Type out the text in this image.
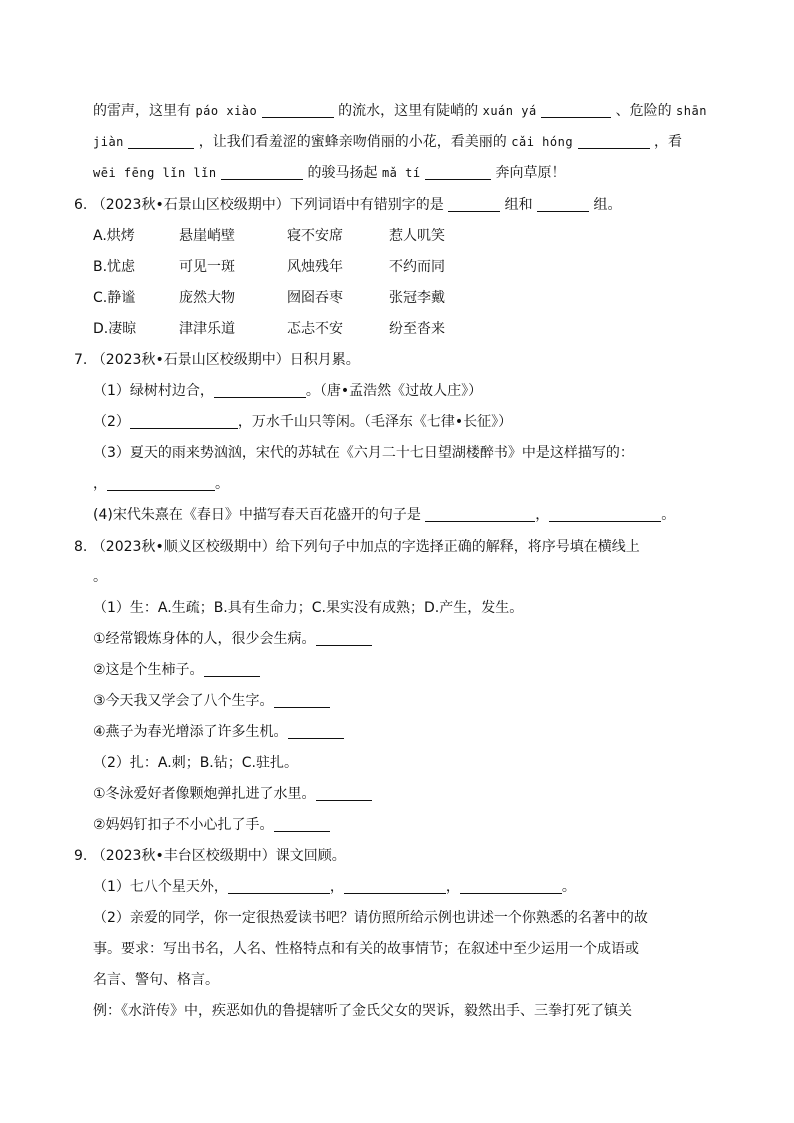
的雷声，这里有 páo xiào	的流水，这里有陡峭的 xuán yá	、危险的 shān
jiàn	，让我们看羞涩的蜜蜂亲吻俏丽的小花，看美丽的 cǎi hóng	，看
wēi fēng lǐn lǐn	的骏马扬起 mǎ tí	奔向草原！
6. （2023秋•石景山区校级期中）下列词语中有错别字的是	组和	组。
A.烘烤	悬崖峭壁	寝不安席	惹人叽笑
B.忧虑	可见一斑	风烛残年	不约而同
C.静谧	庞然大物	囫囵吞枣	张冠李戴
D.凄晾	津津乐道	忑忐不安	纷至沓来
7. （2023秋•石景山区校级期中）日积月累。
（1）绿树村边合，	。（唐•孟浩然《过故人庄》）
（2）	，万水千山只等闲。（毛泽东《七律•长征》）
（3）夏天的雨来势汹汹，宋代的苏轼在《六月二十七日望湖楼醉书》中是这样描写的：
，	。
(4)宋代朱熹在《春日》中描写春天百花盛开的句子是	，	。
8. （2023秋•顺义区校级期中）给下列句子中加点的字选择正确的解释，将序号填在横线上
。
（1）生：A.生疏；B.具有生命力；C.果实没有成熟；D.产生，发生。
①经常锻炼身体的人，很少会生病。
②这是个生柿子。
③今天我又学会了八个生字。
④燕子为春光增添了许多生机。
（2）扎：A.刺；B.钻；C.驻扎。
①冬泳爱好者像颗炮弹扎进了水里。
②妈妈钉扣子不小心扎了手。
9. （2023秋•丰台区校级期中）课文回顾。
（1）七八个星天外，	，	，	。
（2）亲爱的同学，你一定很热爱读书吧？请仿照所给示例也讲述一个你熟悉的名著中的故
事。要求：写出书名，人名、性格特点和有关的故事情节；在叙述中至少运用一个成语或
名言、警句、格言。
例：《水浒传》中，疾恶如仇的鲁提辖听了金氏父女的哭诉，毅然出手、三拳打死了镇关
